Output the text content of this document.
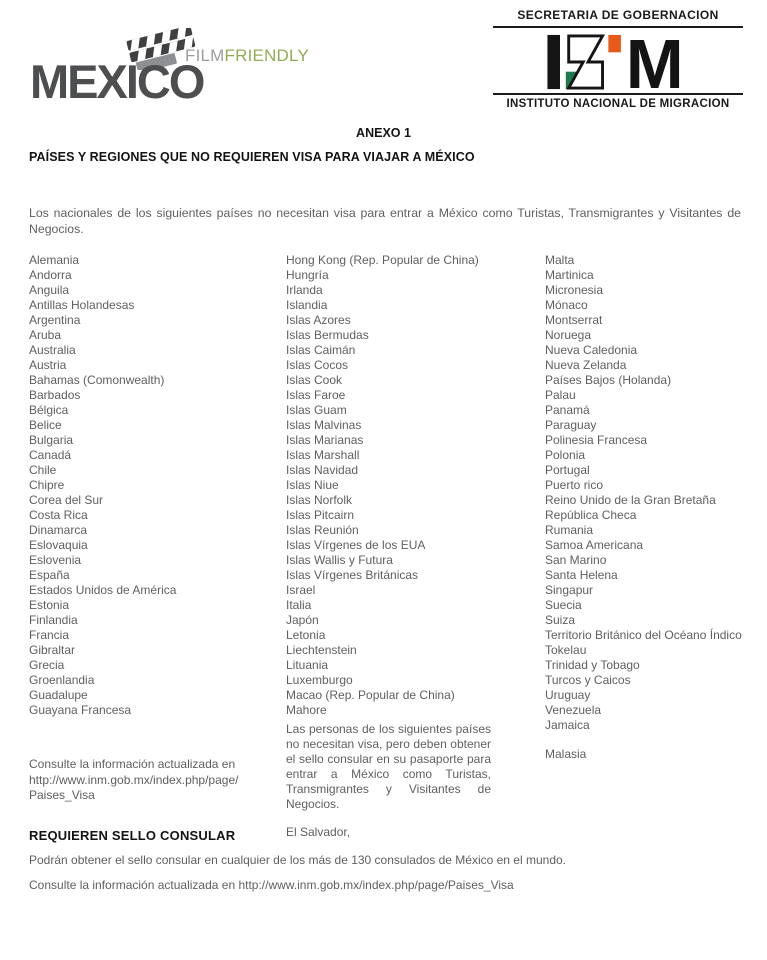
FILMFRIENDLY
MEXICO
SECRETARIA DE GOBERNACION
M
INSTITUTO NACIONAL DE MIGRACION
ANEXO 1
PAÍSES Y REGIONES QUE NO REQUIEREN VISA PARA VIAJAR A MÉXICO
Los nacionales de los siguientes países no necesitan visa para entrar a México como Turistas, Transmigrantes y Visitantes de Negocios.
Alemania
Andorra
Anguila
Antillas Holandesas
Argentina
Aruba
Australia
Austria
Bahamas (Comonwealth)
Barbados
Bélgica
Belice
Bulgaria
Canadá
Chile
Chipre
Corea del Sur
Costa Rica
Dinamarca
Eslovaquia
Eslovenia
España
Estados Unidos de América
Estonia
Finlandia
Francia
Gibraltar
Grecia
Groenlandia
Guadalupe
Guayana Francesa
Consulte la información actualizada en http://www.inm.gob.mx/index.php/page/Paises_Visa
Hong Kong (Rep. Popular de China)
Hungría
Irlanda
Islandia
Islas Azores
Islas Bermudas
Islas Caimán
Islas Cocos
Islas Cook
Islas Faroe
Islas Guam
Islas Malvinas
Islas Marianas
Islas Marshall
Islas Navidad
Islas Niue
Islas Norfolk
Islas Pitcairn
Islas Reunión
Islas Vírgenes de los EUA
Islas Wallis y Futura
Islas Vírgenes Británicas
Israel
Italia
Japón
Letonia
Liechtenstein
Lituania
Luxemburgo
Macao (Rep. Popular de China)
Mahore
Las personas de los siguientes países no necesitan visa, pero deben obtener el sello consular en su pasaporte para entrar a México como Turistas, Transmigrantes y Visitantes de Negocios.
El Salvador,
Malta
Martinica
Micronesia
Mónaco
Montserrat
Noruega
Nueva Caledonia
Nueva Zelanda
Países Bajos (Holanda)
Palau
Panamá
Paraguay
Polinesia Francesa
Polonia
Portugal
Puerto rico
Reino Unido de la Gran Bretaña
República Checa
Rumania
Samoa Americana
San Marino
Santa Helena
Singapur
Suecia
Suiza
Territorio Británico del Océano Índico
Tokelau
Trinidad y Tobago
Turcos y Caicos
Uruguay
Venezuela
Jamaica
Malasia
REQUIEREN SELLO CONSULAR
Podrán obtener el sello consular en cualquier de los más de 130 consulados de México en el mundo.
Consulte la información actualizada en http://www.inm.gob.mx/index.php/page/Paises_Visa
